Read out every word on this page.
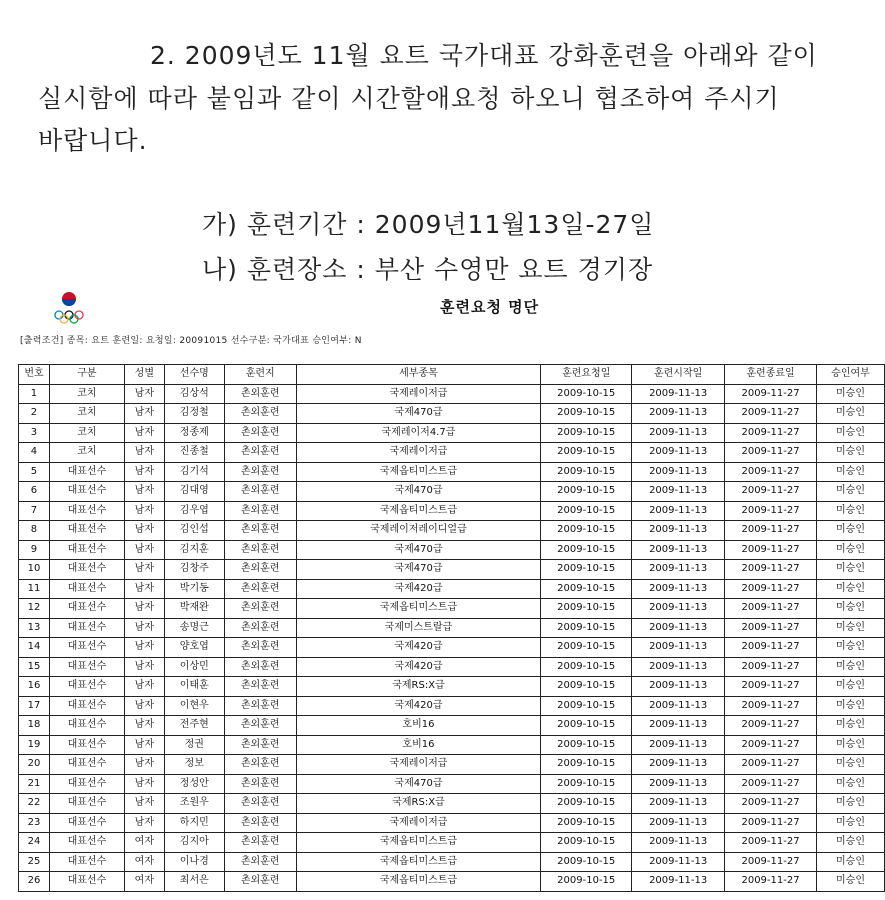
2. 2009년도 11월 요트 국가대표 강화훈련을 아래와 같이
실시함에 따라 붙임과 같이 시간할애요청 하오니 협조하여 주시기
바랍니다.
가) 훈련기간 : 2009년11월13일-27일
나) 훈련장소 : 부산 수영만 요트 경기장
훈련요청 명단
[출력조건] 종목: 요트 훈련일: 요청일: 20091015 선수구분: 국가대표 승인여부: N
번호	구분	성별	선수명	훈련지	세부종목	훈련요청일	훈련시작일	훈련종료일	승인여부
1	코치	남자	김상석	촌외훈련	국제레이저급	2009-10-15	2009-11-13	2009-11-27	미승인
2	코치	남자	김정철	촌외훈련	국제470급	2009-10-15	2009-11-13	2009-11-27	미승인
3	코치	남자	정종제	촌외훈련	국제레이저4.7급	2009-10-15	2009-11-13	2009-11-27	미승인
4	코치	남자	진종철	촌외훈련	국제레이저급	2009-10-15	2009-11-13	2009-11-27	미승인
5	대표선수	남자	김기석	촌외훈련	국제옵티미스트급	2009-10-15	2009-11-13	2009-11-27	미승인
6	대표선수	남자	김대영	촌외훈련	국제470급	2009-10-15	2009-11-13	2009-11-27	미승인
7	대표선수	남자	김우엽	촌외훈련	국제옵티미스트급	2009-10-15	2009-11-13	2009-11-27	미승인
8	대표선수	남자	김인섭	촌외훈련	국제레이저레이디얼급	2009-10-15	2009-11-13	2009-11-27	미승인
9	대표선수	남자	김지훈	촌외훈련	국제470급	2009-10-15	2009-11-13	2009-11-27	미승인
10	대표선수	남자	김창주	촌외훈련	국제470급	2009-10-15	2009-11-13	2009-11-27	미승인
11	대표선수	남자	박기동	촌외훈련	국제420급	2009-10-15	2009-11-13	2009-11-27	미승인
12	대표선수	남자	박재완	촌외훈련	국제옵티미스트급	2009-10-15	2009-11-13	2009-11-27	미승인
13	대표선수	남자	송명근	촌외훈련	국제미스트랄급	2009-10-15	2009-11-13	2009-11-27	미승인
14	대표선수	남자	양호엽	촌외훈련	국제420급	2009-10-15	2009-11-13	2009-11-27	미승인
15	대표선수	남자	이상민	촌외훈련	국제420급	2009-10-15	2009-11-13	2009-11-27	미승인
16	대표선수	남자	이태훈	촌외훈련	국제RS:X급	2009-10-15	2009-11-13	2009-11-27	미승인
17	대표선수	남자	이현우	촌외훈련	국제420급	2009-10-15	2009-11-13	2009-11-27	미승인
18	대표선수	남자	전주현	촌외훈련	호비16	2009-10-15	2009-11-13	2009-11-27	미승인
19	대표선수	남자	정권	촌외훈련	호비16	2009-10-15	2009-11-13	2009-11-27	미승인
20	대표선수	남자	정보	촌외훈련	국제레이저급	2009-10-15	2009-11-13	2009-11-27	미승인
21	대표선수	남자	정성안	촌외훈련	국제470급	2009-10-15	2009-11-13	2009-11-27	미승인
22	대표선수	남자	조원우	촌외훈련	국제RS:X급	2009-10-15	2009-11-13	2009-11-27	미승인
23	대표선수	남자	하지민	촌외훈련	국제레이저급	2009-10-15	2009-11-13	2009-11-27	미승인
24	대표선수	여자	김지아	촌외훈련	국제옵티미스트급	2009-10-15	2009-11-13	2009-11-27	미승인
25	대표선수	여자	이나경	촌외훈련	국제옵티미스트급	2009-10-15	2009-11-13	2009-11-27	미승인
26	대표선수	여자	최서은	촌외훈련	국제옵티미스트급	2009-10-15	2009-11-13	2009-11-27	미승인
